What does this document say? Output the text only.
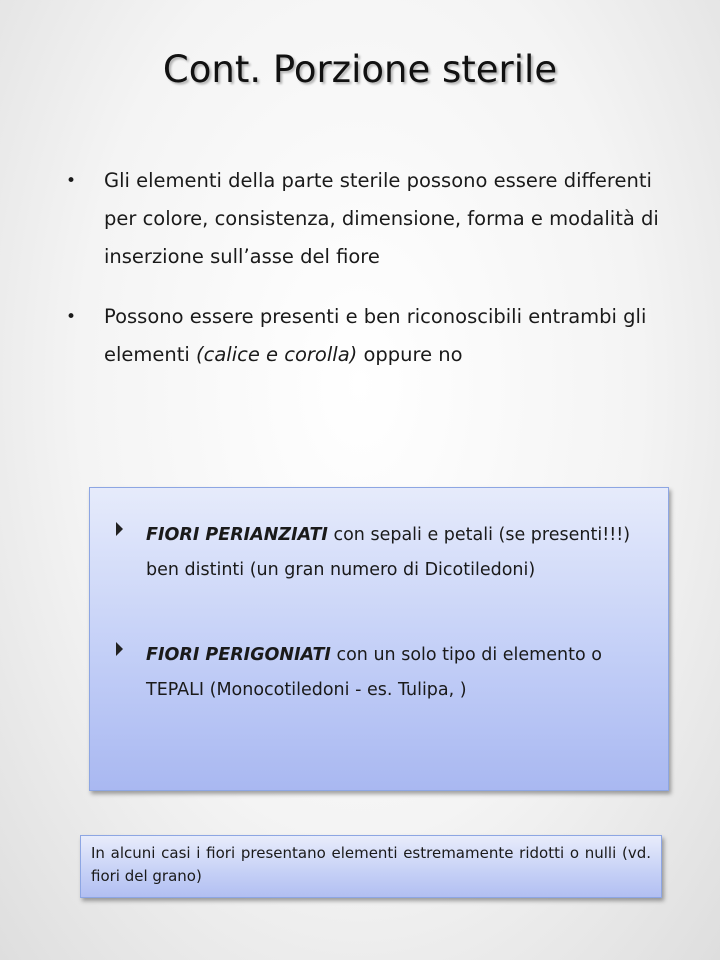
Cont. Porzione sterile
• Gli elementi della parte sterile possono essere differenti per colore, consistenza, dimensione, forma e modalità di inserzione sull’asse del fiore
• Possono essere presenti e ben riconoscibili entrambi gli elementi (calice e corolla) oppure no
FIORI PERIANZIATI con sepali e petali (se presenti!!!) ben distinti (un gran numero di Dicotiledoni)
FIORI PERIGONIATI con un solo tipo di elemento o TEPALI (Monocotiledoni - es. Tulipa, )
In alcuni casi i fiori presentano elementi estremamente ridotti o nulli (vd. fiori del grano)
